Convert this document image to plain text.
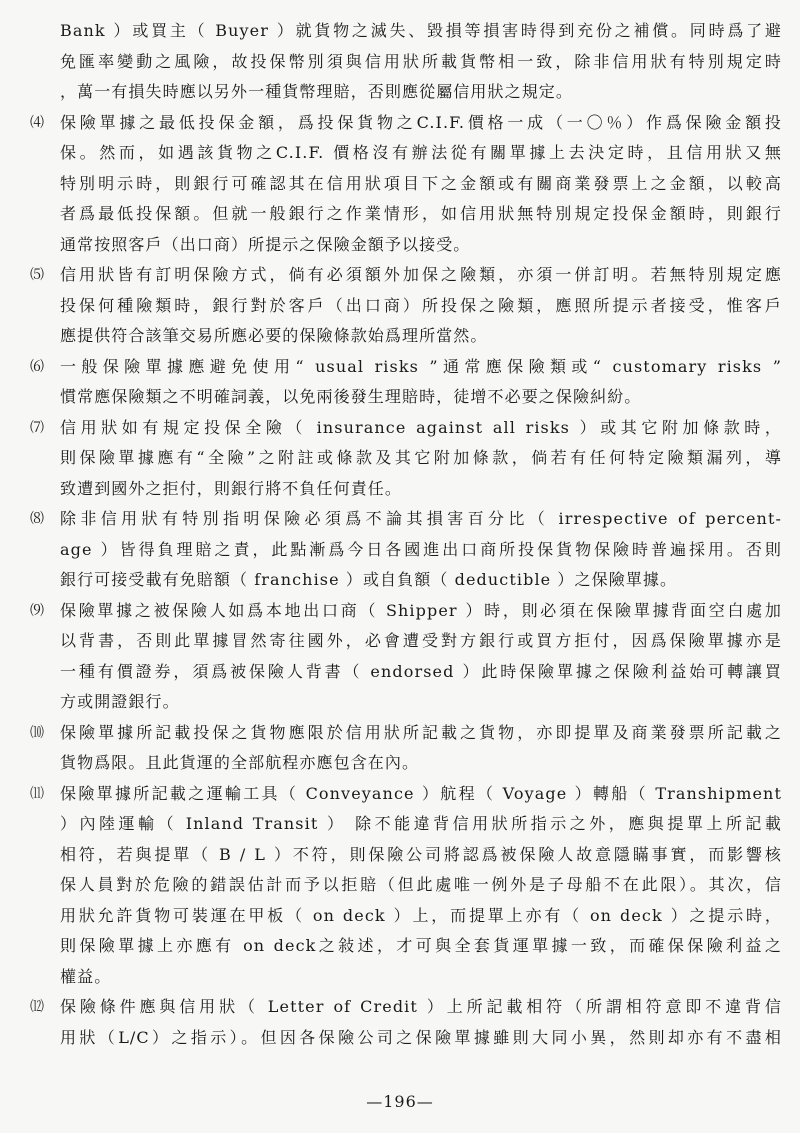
Bank ）或買主（ Buyer ）就貨物之滅失、毀損等損害時得到充份之補償。同時爲了避
免匯率變動之風險，故投保幣別須與信用狀所載貨幣相一致，除非信用狀有特別規定時
，萬一有損失時應以另外一種貨幣理賠，否則應從屬信用狀之規定。
⑷ 保險單據之最低投保金額，爲投保貨物之C.I.F.價格一成（一〇％）作爲保險金額投
保。然而，如遇該貨物之C.I.F. 價格沒有辦法從有關單據上去決定時，且信用狀又無
特別明示時，則銀行可確認其在信用狀項目下之金額或有關商業發票上之金額，以較高
者爲最低投保額。但就一般銀行之作業情形，如信用狀無特別規定投保金額時，則銀行
通常按照客戶（出口商）所提示之保險金額予以接受。
⑸ 信用狀皆有訂明保險方式，倘有必須額外加保之險類，亦須一併訂明。若無特別規定應
投保何種險類時，銀行對於客戶（出口商）所投保之險類，應照所提示者接受，惟客戶
應提供符合該筆交易所應必要的保險條款始爲理所當然。
⑹ 一般保險單據應避免使用“ usual risks ”通常應保險類或“ customary risks ”
慣常應保險類之不明確詞義，以免兩後發生理賠時，徒增不必要之保險糾紛。
⑺ 信用狀如有規定投保全險（ insurance against all risks ）或其它附加條款時，
則保險單據應有“全險”之附註或條款及其它附加條款，倘若有任何特定險類漏列，導
致遭到國外之拒付，則銀行將不負任何責任。
⑻ 除非信用狀有特別指明保險必須爲不論其損害百分比（ irrespective of percent-
age ）皆得負理賠之責，此點漸爲今日各國進出口商所投保貨物保險時普遍採用。否則
銀行可接受載有免賠額（ franchise ）或自負額（ deductible ）之保險單據。
⑼ 保險單據之被保險人如爲本地出口商（ Shipper ）時，則必須在保險單據背面空白處加
以背書，否則此單據冒然寄往國外，必會遭受對方銀行或買方拒付，因爲保險單據亦是
一種有價證券，須爲被保險人背書（ endorsed ）此時保險單據之保險利益始可轉讓買
方或開證銀行。
⑽ 保險單據所記載投保之貨物應限於信用狀所記載之貨物，亦即提單及商業發票所記載之
貨物爲限。且此貨運的全部航程亦應包含在內。
⑾ 保險單據所記載之運輸工具（ Conveyance ）航程（ Voyage ）轉船（ Transhipment
）內陸運輸（ Inland Transit ） 除不能違背信用狀所指示之外，應與提單上所記載
相符，若與提單（ B / L ）不符，則保險公司將認爲被保險人故意隱瞞事實，而影響核
保人員對於危險的錯誤估計而予以拒賠（但此處唯一例外是子母船不在此限）。其次，信
用狀允許貨物可裝運在甲板（ on deck ）上，而提單上亦有（ on deck ）之提示時，
則保險單據上亦應有 on deck之敍述，才可與全套貨運單據一致，而確保保險利益之
權益。
⑿ 保險條件應與信用狀（ Letter of Credit ）上所記載相符（所謂相符意即不違背信
用狀（L/C）之指示）。但因各保險公司之保險單據雖則大同小異，然則却亦有不盡相
—196—
